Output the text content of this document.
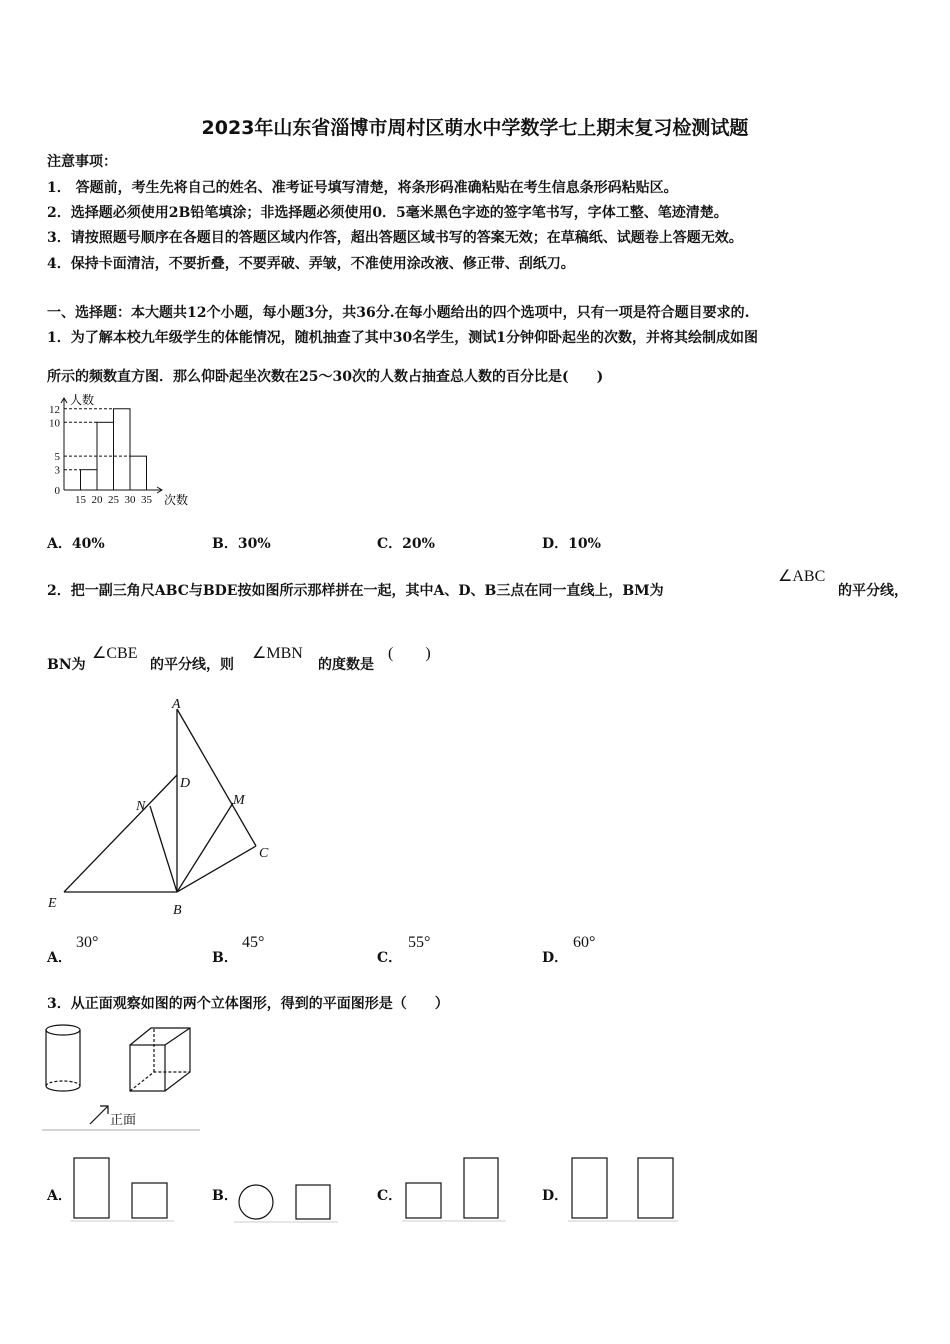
2023年山东省淄博市周村区萌水中学数学七上期末复习检测试题
注意事项：
1． 答题前，考生先将自己的姓名、准考证号填写清楚，将条形码准确粘贴在考生信息条形码粘贴区。
2．选择题必须使用2B铅笔填涂；非选择题必须使用0．5毫米黑色字迹的签字笔书写，字体工整、笔迹清楚。
3．请按照题号顺序在各题目的答题区域内作答，超出答题区域书写的答案无效；在草稿纸、试题卷上答题无效。
4．保持卡面清洁，不要折叠，不要弄破、弄皱，不准使用涂改液、修正带、刮纸刀。
一、选择题：本大题共12个小题，每小题3分，共36分.在每小题给出的四个选项中，只有一项是符合题目要求的.
1．为了解本校九年级学生的体能情况，随机抽查了其中30名学生，测试1分钟仰卧起坐的次数，并将其绘制成如图
所示的频数直方图．那么仰卧起坐次数在25～30次的人数占抽查总人数的百分比是(　　)
人数
次数
0
3
5
10
12
15 20 25 30 35
A．40%	B．30%	C．20%	D．10%
2．把一副三角尺ABC与BDE按如图所示那样拼在一起，其中A、D、B三点在同一直线上，BM为
∠ABC
的平分线，
BN为
∠CBE
的平分线，则
∠MBN
的度数是
(　　)
A
D
N	M
C
E	B
A．
30°
B．
45°
C．
55°
D．
60°
3．从正面观察如图的两个立体图形，得到的平面图形是（　　）
正面
A．	B．	C．	D．
